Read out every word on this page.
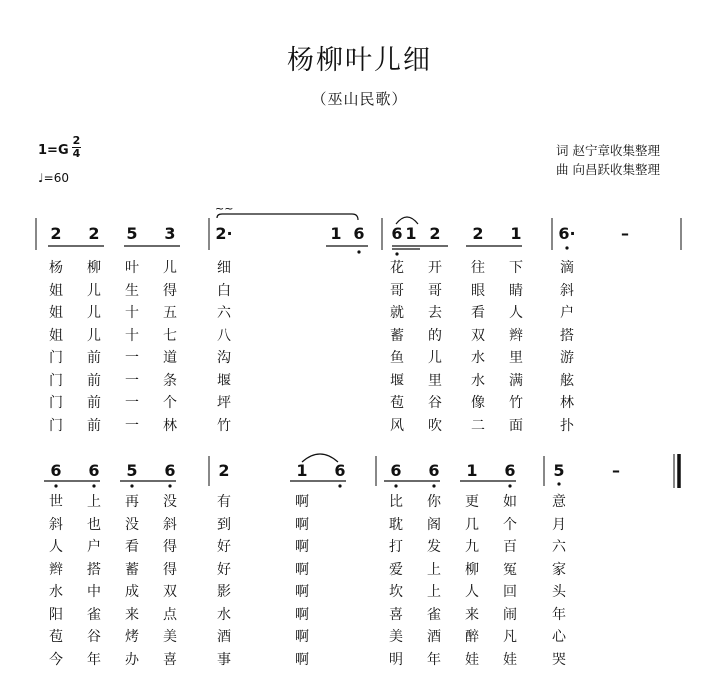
杨柳叶儿细
（巫山民歌）
1=G
2
4
♩=60
词 赵宁章收集整理
曲 向昌跃收集整理
2	2	5	3	2·	1 6	6 1 2	2	1	6·	–
杨	柳	叶	儿	细	花	开	往	下	滴
姐	儿	生	得	白	哥	哥	眼	睛	斜
姐	儿	十	五	六	就	去	看	人	户
姐	儿	十	七	八	蓄	的	双	辫	搭
门	前	一	道	沟	鱼	儿	水	里	游
门	前	一	条	堰	堰	里	水	满	舷
门	前	一	个	坪	苞	谷	像	竹	林
门	前	一	林	竹	风	吹	二	面	扑
6	6	5	6	2	1	6	6	6	1	6	5	–
世	上	再	没	有	啊	比	你	更	如	意
斜	也	没	斜	到	啊	耽	阁	几	个	月
人	户	看	得	好	啊	打	发	九	百	六
辫	搭	蓄	得	好	啊	爱	上	柳	冤	家
水	中	成	双	影	啊	坎	上	人	回	头
阳	雀	来	点	水	啊	喜	雀	来	闹	年
苞	谷	烤	美	酒	啊	美	酒	醉	凡	心
今	年	办	喜	事	啊	明	年	娃	娃	哭
~~
